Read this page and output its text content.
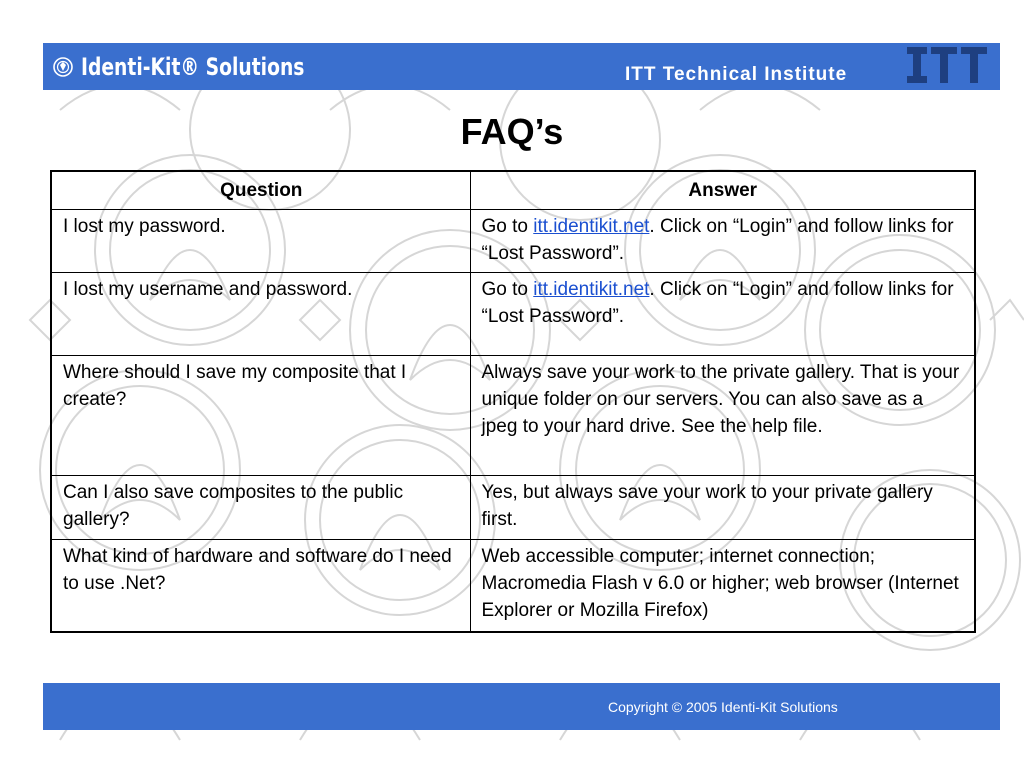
Identi-Kit® Solutions	ITT Technical Institute
FAQ’s
Question	Answer
I lost my password.	Go to itt.identikit.net. Click on “Login” and follow links for “Lost Password”.
I lost my username and password.	Go to itt.identikit.net. Click on “Login” and follow links for “Lost Password”.
Where should I save my composite that I create?	Always save your work to the private gallery. That is your unique folder on our servers. You can also save as a jpeg to your hard drive. See the help file.
Can I also save composites to the public gallery?	Yes, but always save your work to your private gallery first.
What kind of hardware and software do I need to use .Net?	Web accessible computer; internet connection; Macromedia Flash v 6.0 or higher; web browser (Internet Explorer or Mozilla Firefox)
Copyright © 2005 Identi-Kit Solutions
